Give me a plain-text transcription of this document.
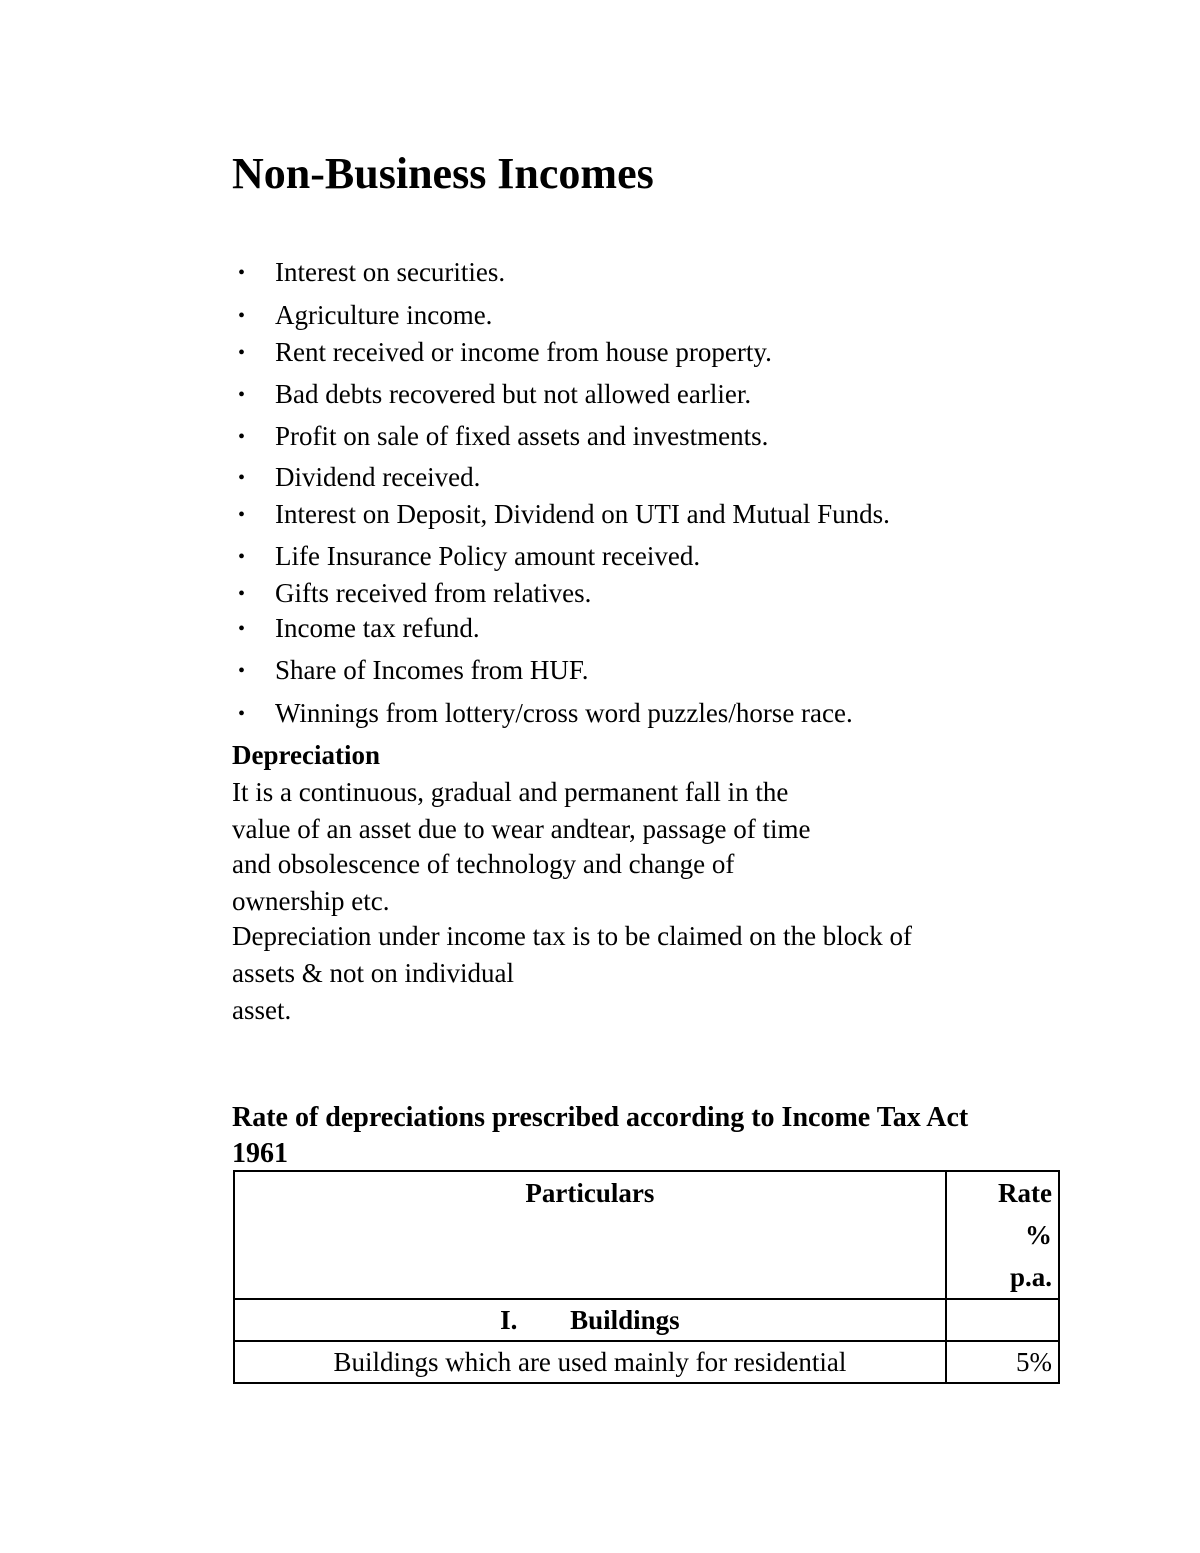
Non-Business Incomes
• Interest on securities.
• Agriculture income.
• Rent received or income from house property.
• Bad debts recovered but not allowed earlier.
• Profit on sale of fixed assets and investments.
• Dividend received.
• Interest on Deposit, Dividend on UTI and Mutual Funds.
• Life Insurance Policy amount received.
• Gifts received from relatives.
• Income tax refund.
• Share of Incomes from HUF.
• Winnings from lottery/cross word puzzles/horse race.
Depreciation
It is a continuous, gradual and permanent fall in the
value of an asset due to wear andtear, passage of time
and obsolescence of technology and change of
ownership etc.
Depreciation under income tax is to be claimed on the block of
assets & not on individual
asset.
Rate of depreciations prescribed according to Income Tax Act
1961
Particulars	Rate
%
p.a.

I. Buildings	
Buildings which are used mainly for residential	5%
